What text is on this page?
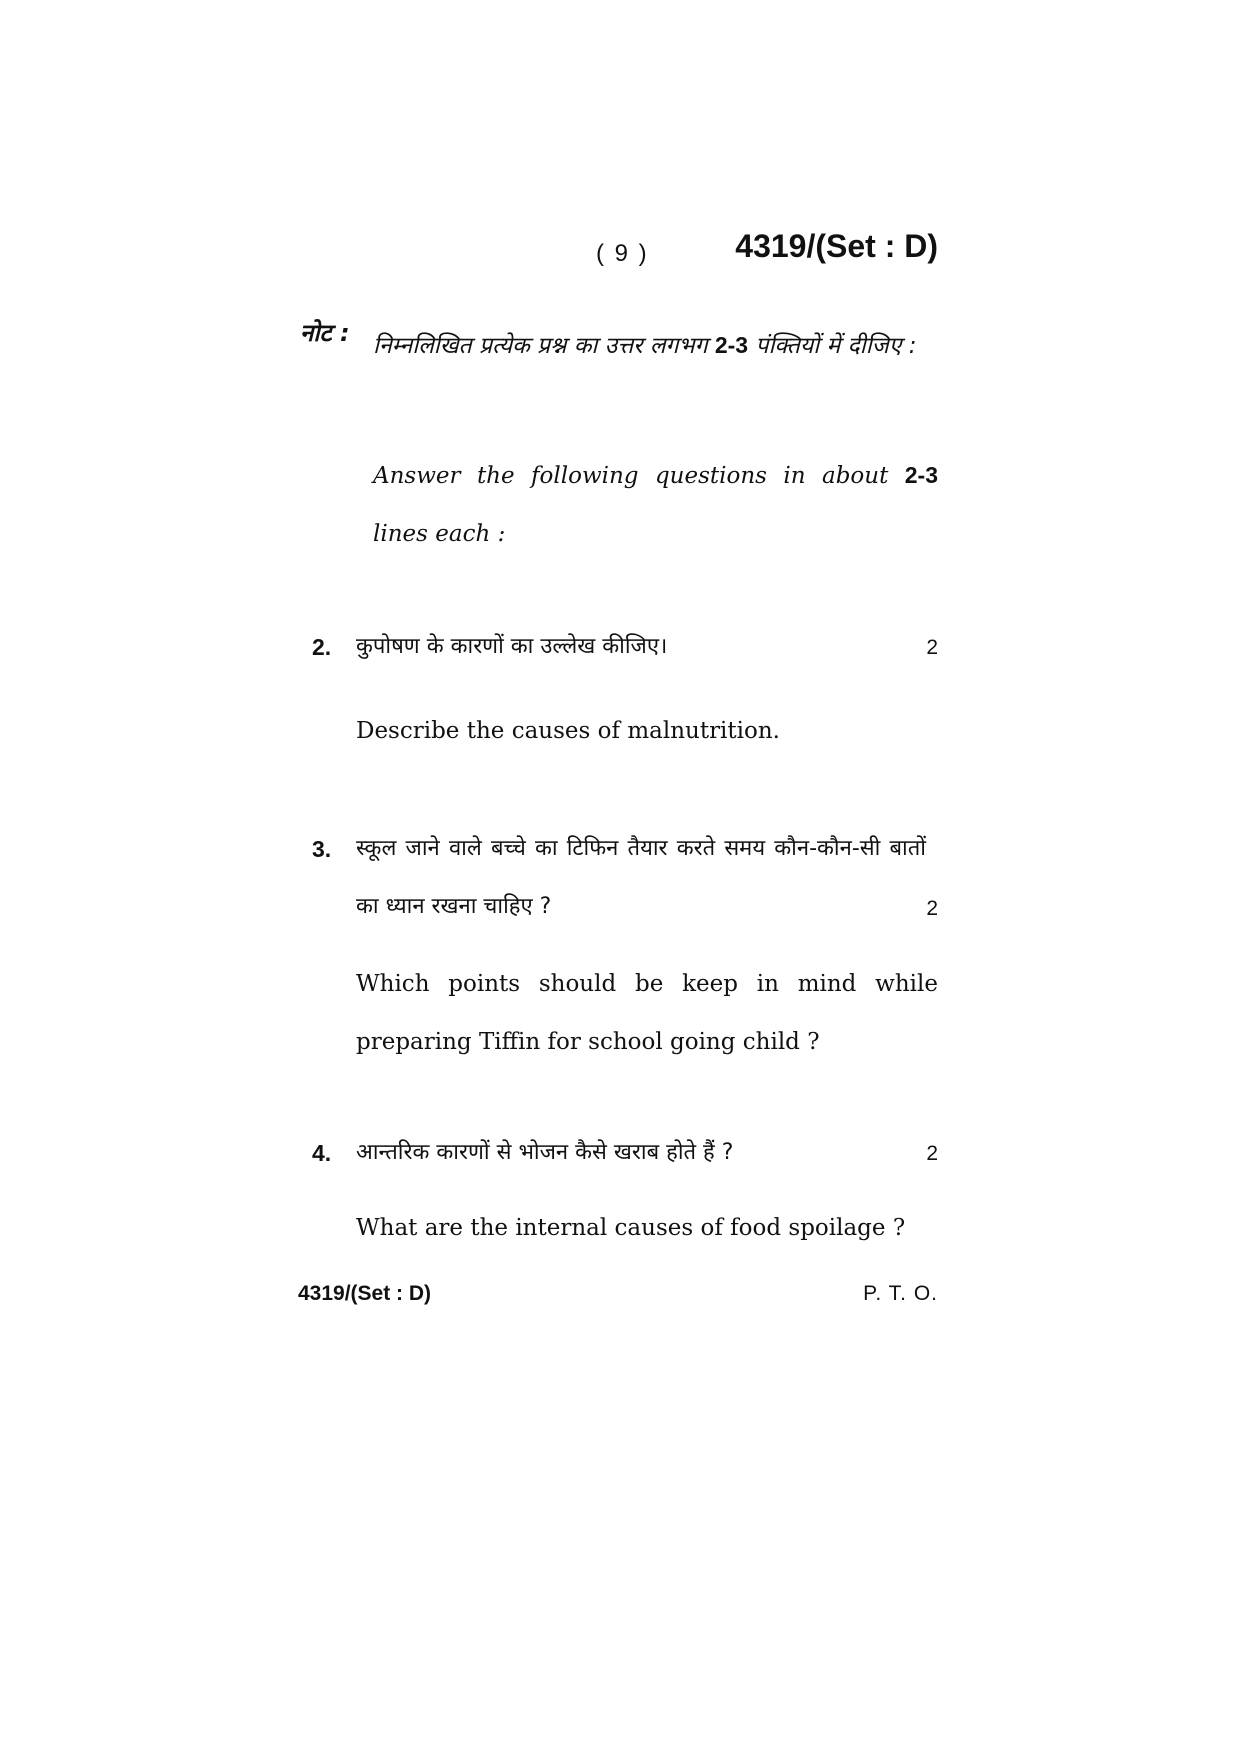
( 9 )	4319/(Set : D)
नोट : निम्नलिखित प्रत्येक प्रश्न का उत्तर लगभग 2-3 पंक्तियों में दीजिए :
Answer the following questions in about 2-3 lines each :
2. कुपोषण के कारणों का उल्लेख कीजिए।	2
Describe the causes of malnutrition.
3. स्कूल जाने वाले बच्चे का टिफिन तैयार करते समय कौन-कौन-सी बातों का ध्यान रखना चाहिए ?	2
Which points should be keep in mind while preparing Tiffin for school going child ?
4. आन्तरिक कारणों से भोजन कैसे खराब होते हैं ?	2
What are the internal causes of food spoilage ?
4319/(Set : D)	P. T. O.
